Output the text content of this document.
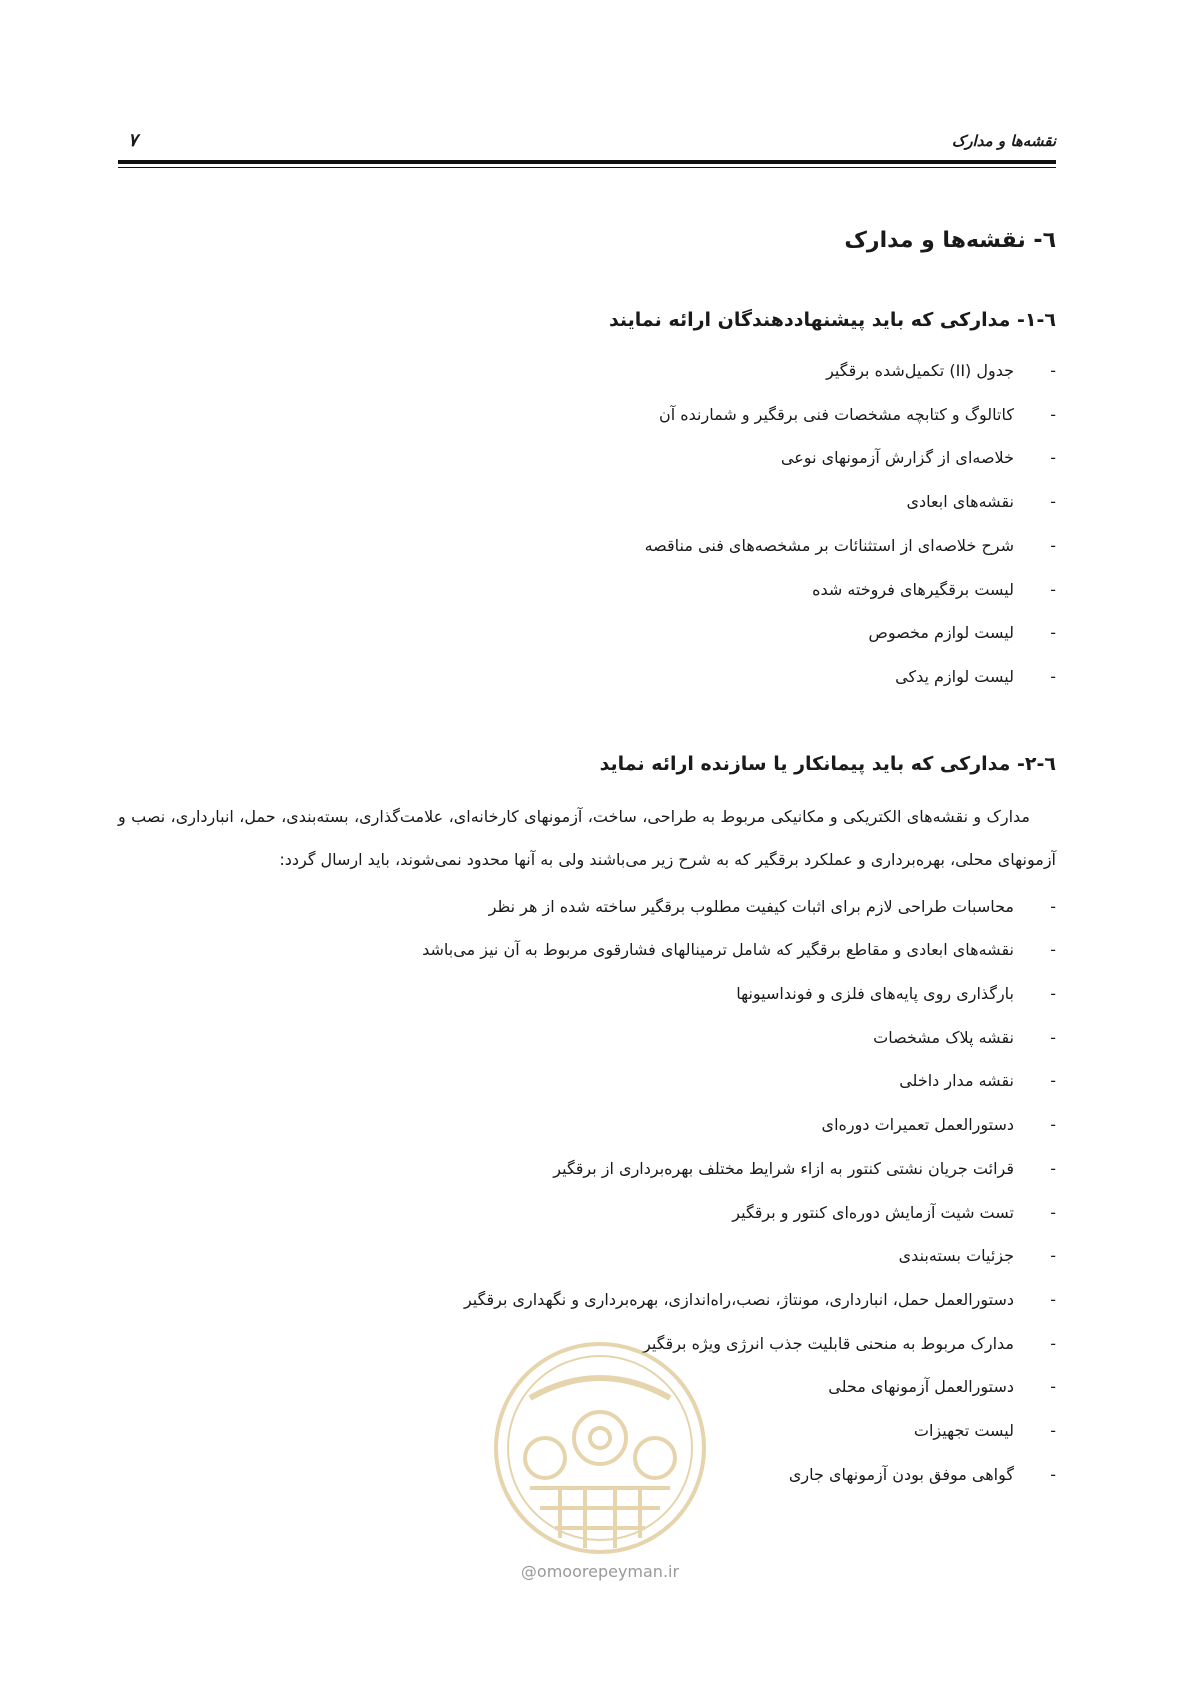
نقشه‌ها و مدارک
۷
٦- نقشه‌ها و مدارک
٦-١- مدارکی که باید پیشنهاددهندگان ارائه نمایند
-جدول (II) تکمیل‌شده برقگیر
-کاتالوگ و کتابچه مشخصات فنی برقگیر و شمارنده آن
-خلاصه‌ای از گزارش آزمونهای نوعی
-نقشه‌های ابعادی
-شرح خلاصه‌ای از استثنائات بر مشخصه‌های فنی مناقصه
-لیست برقگیرهای فروخته شده
-لیست لوازم مخصوص
-لیست لوازم یدکی
٦-٢- مدارکی که باید پیمانکار یا سازنده ارائه نماید

مدارک و نقشه‌های الکتریکی و مکانیکی مربوط به طراحی، ساخت، آزمونهای کارخانه‌ای، علامت‌گذاری، بسته‌بندی، حمل، انبارداری، نصب و آزمونهای محلی، بهره‌برداری و عملکرد برقگیر که به شرح زیر می‌باشند ولی به آنها محدود نمی‌شوند، باید ارسال گردد:

-محاسبات طراحی لازم برای اثبات کیفیت مطلوب برقگیر ساخته شده از هر نظر
-نقشه‌های ابعادی و مقاطع برقگیر که شامل ترمینالهای فشارقوی مربوط به آن نیز می‌باشد
-بارگذاری روی پایه‌های فلزی و فونداسیونها
-نقشه پلاک مشخصات
-نقشه مدار داخلی
-دستورالعمل تعمیرات دوره‌ای
-قرائت جریان نشتی کنتور به ازاء شرایط مختلف بهره‌برداری از برقگیر
-تست شیت آزمایش دوره‌ای کنتور و برقگیر
-جزئیات بسته‌بندی
-دستورالعمل حمل، انبارداری، مونتاژ، نصب،راه‌اندازی، بهره‌برداری و نگهداری برقگیر
-مدارک مربوط به منحنی قابلیت جذب انرژی ویژه برقگیر
-دستورالعمل آزمونهای محلی
-لیست تجهیزات
-گواهی موفق بودن آزمونهای جاری
@omoorepeyman.ir
